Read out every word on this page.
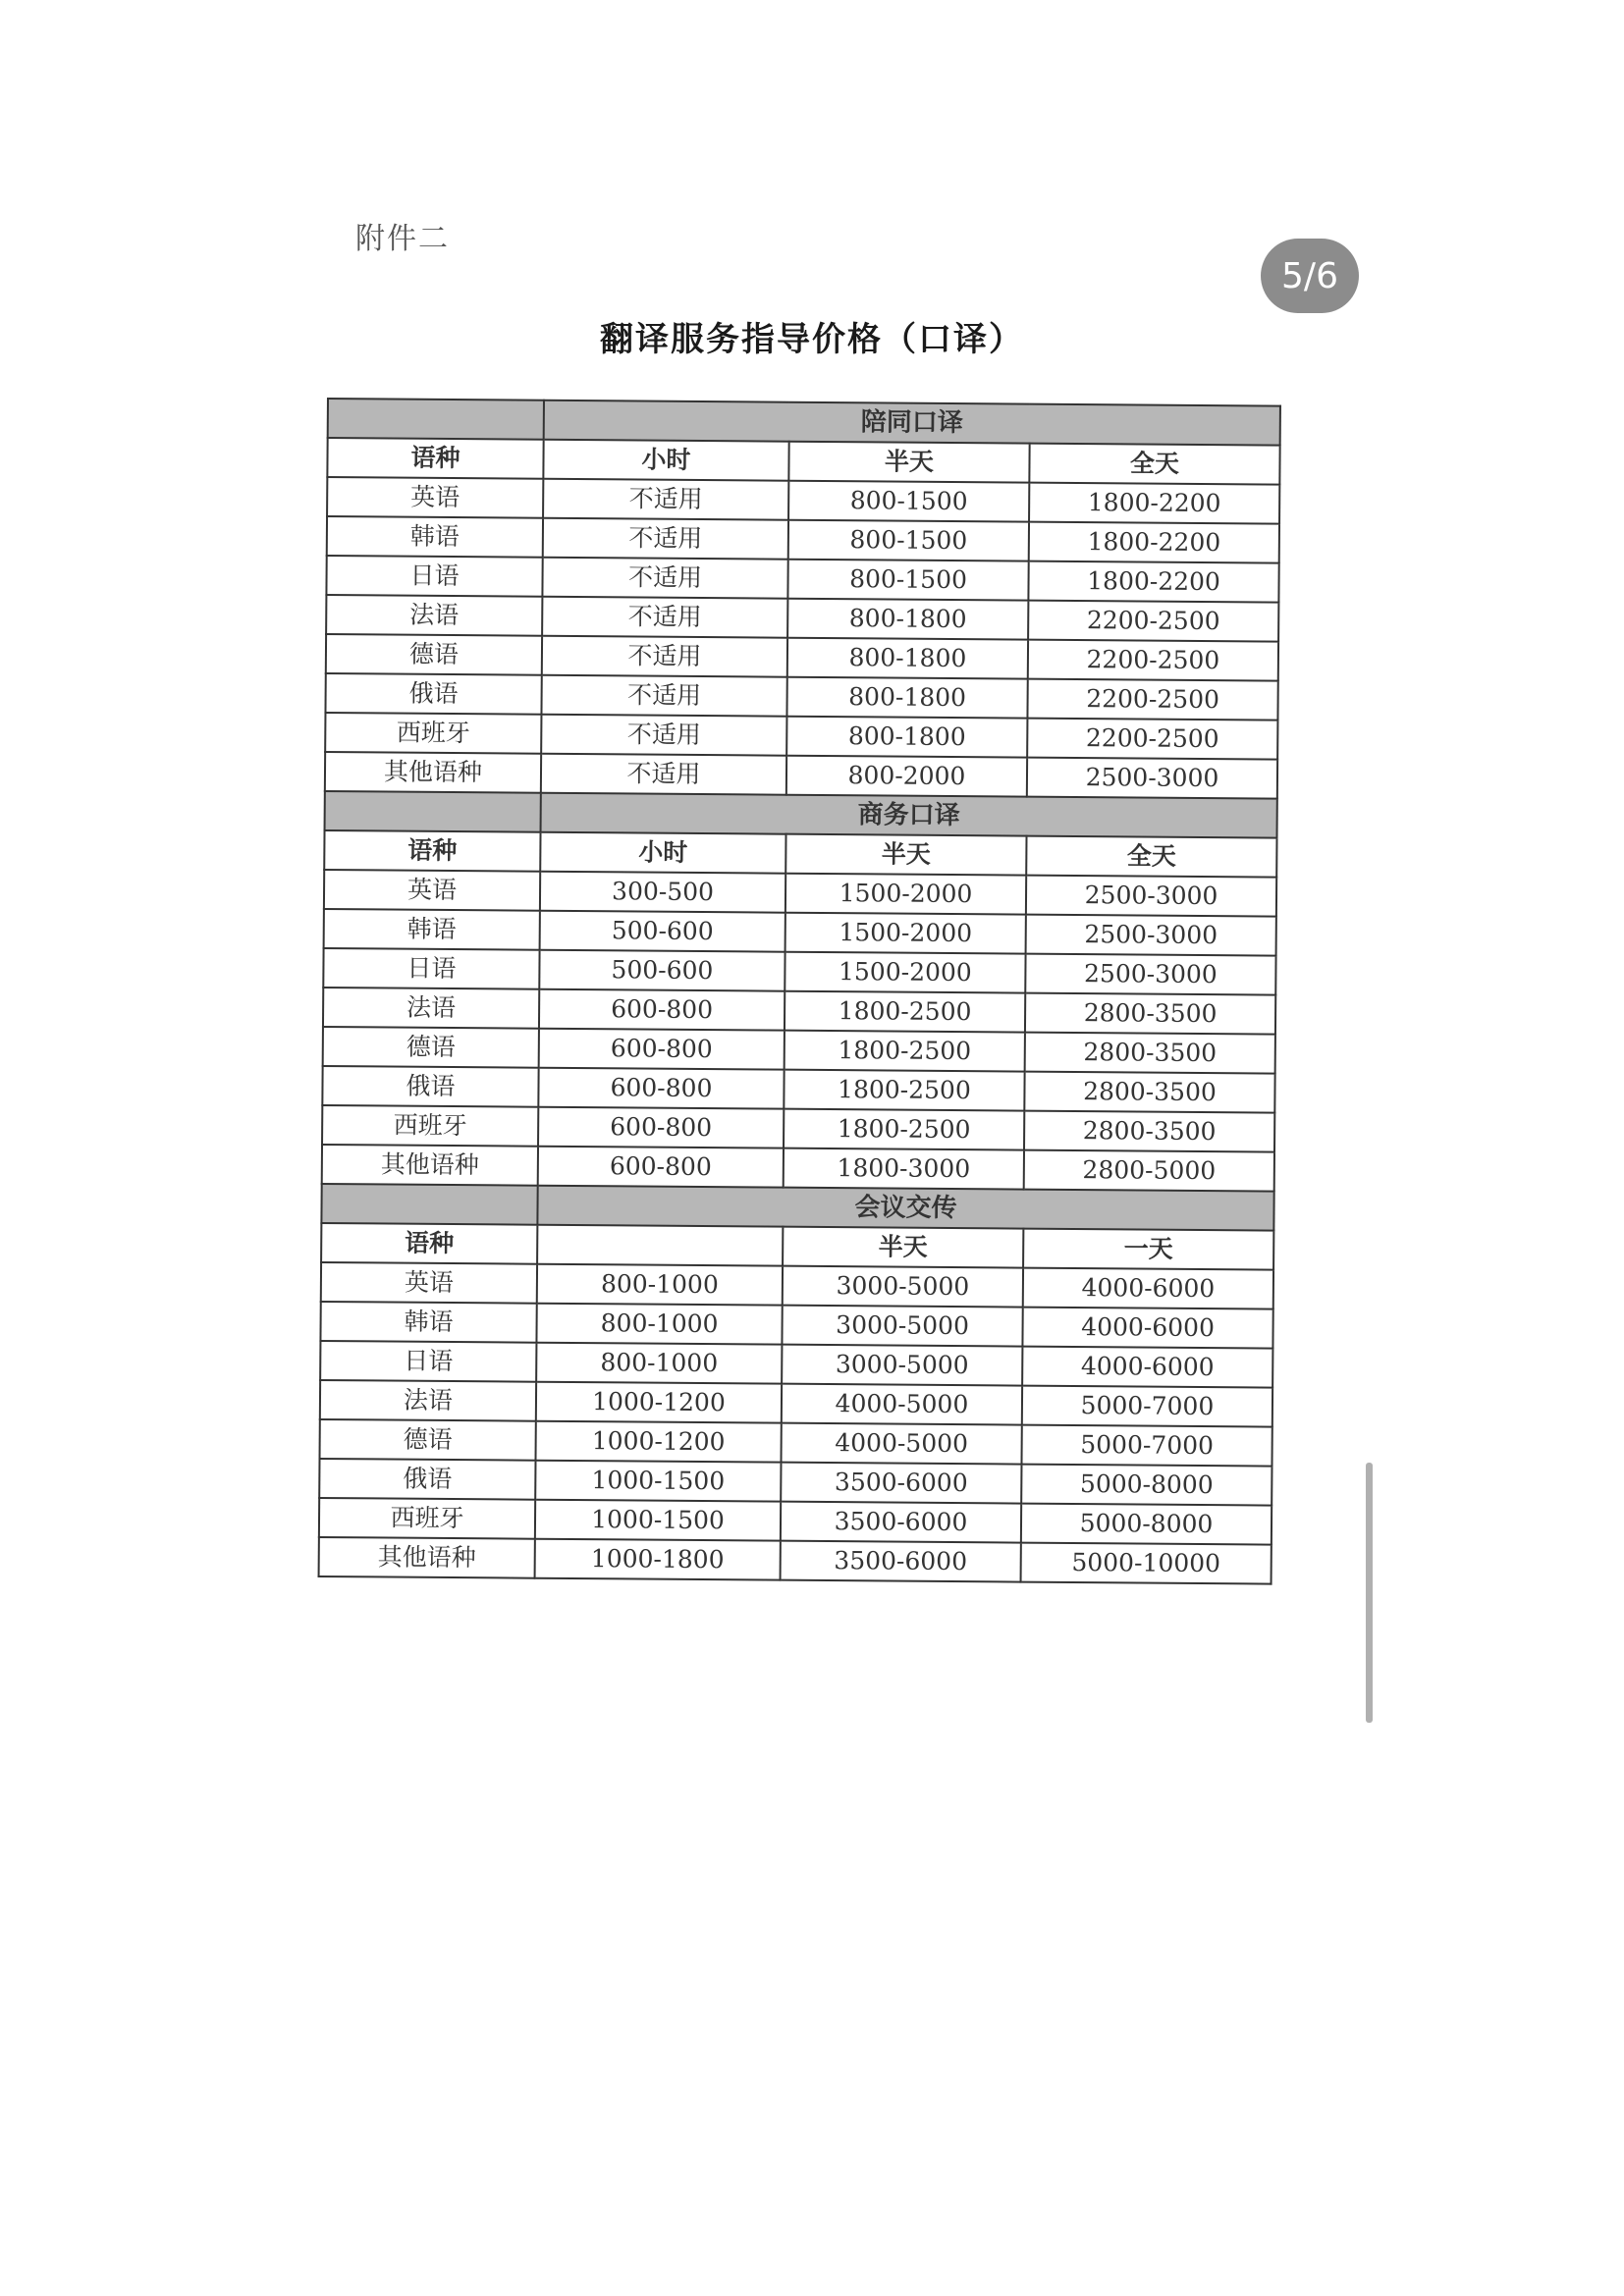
附件二
5/6
翻译服务指导价格（口译）
	陪同口译		
语种	小时	半天	全天
英语	不适用	800-1500	1800-2200
韩语	不适用	800-1500	1800-2200
日语	不适用	800-1500	1800-2200
法语	不适用	800-1800	2200-2500
德语	不适用	800-1800	2200-2500
俄语	不适用	800-1800	2200-2500
西班牙	不适用	800-1800	2200-2500
其他语种	不适用	800-2000	2500-3000
	商务口译		
语种	小时	半天	全天
英语	300-500	1500-2000	2500-3000
韩语	500-600	1500-2000	2500-3000
日语	500-600	1500-2000	2500-3000
法语	600-800	1800-2500	2800-3500
德语	600-800	1800-2500	2800-3500
俄语	600-800	1800-2500	2800-3500
西班牙	600-800	1800-2500	2800-3500
其他语种	600-800	1800-3000	2800-5000
	会议交传		
语种		半天	一天
英语	800-1000	3000-5000	4000-6000
韩语	800-1000	3000-5000	4000-6000
日语	800-1000	3000-5000	4000-6000
法语	1000-1200	4000-5000	5000-7000
德语	1000-1200	4000-5000	5000-7000
俄语	1000-1500	3500-6000	5000-8000
西班牙	1000-1500	3500-6000	5000-8000
其他语种	1000-1800	3500-6000	5000-10000
